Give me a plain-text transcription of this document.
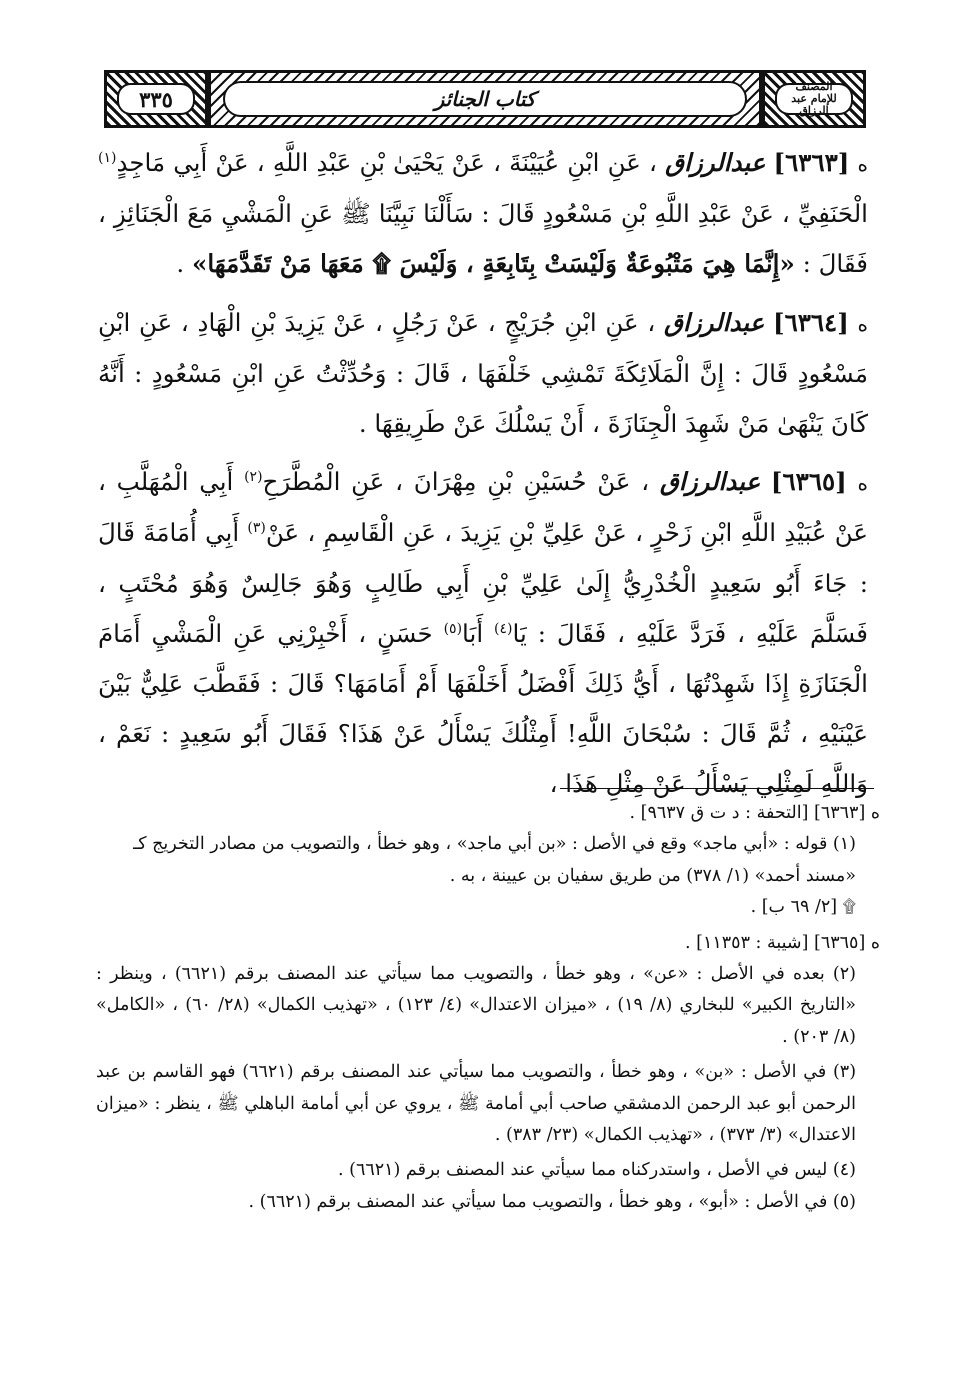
٣٣٥	كتاب الجنائز
المصنف للإمام عبد الرزاق

ه [٦٣٦٣] عبدالرزاق ، عَنِ ابْنِ عُيَيْنَةَ ، عَنْ يَحْيَىٰ بْنِ عَبْدِ اللَّهِ ، عَنْ أَبِي مَاجِدٍ$^{(١)}$ الْحَنَفِيِّ ، عَنْ عَبْدِ اللَّهِ بْنِ مَسْعُودٍ قَالَ : سَأَلْنَا نَبِيَّنَا ﷺ عَنِ الْمَشْيِ مَعَ الْجَنَائِزِ ، فَقَالَ : «إِنَّمَا هِيَ مَتْبُوعَةٌ وَلَيْسَتْ بِتَابِعَةٍ ، وَلَيْسَ ۩ مَعَهَا مَنْ تَقَدَّمَهَا» .

ه [٦٣٦٤] عبدالرزاق ، عَنِ ابْنِ جُرَيْجٍ ، عَنْ رَجُلٍ ، عَنْ يَزِيدَ بْنِ الْهَادِ ، عَنِ ابْنِ مَسْعُودٍ قَالَ : إِنَّ الْمَلَائِكَةَ تَمْشِي خَلْفَهَا ، قَالَ : وَحُدِّثْتُ عَنِ ابْنِ مَسْعُودٍ : أَنَّهُ كَانَ يَنْهَىٰ مَنْ شَهِدَ الْجِنَازَةَ ، أَنْ يَسْلُكَ عَنْ طَرِيقِهَا .

ه [٦٣٦٥] عبدالرزاق ، عَنْ حُسَيْنِ بْنِ مِهْرَانَ ، عَنِ الْمُطَّرَحِ$^{(٢)}$ أَبِي الْمُهَلَّبِ ، عَنْ عُبَيْدِ اللَّهِ ابْنِ زَحْرٍ ، عَنْ عَلِيِّ بْنِ يَزِيدَ ، عَنِ الْقَاسِمِ ، عَنْ$^{(٣)}$ أَبِي أُمَامَةَ قَالَ : جَاءَ أَبُو سَعِيدٍ الْخُدْرِيُّ إِلَىٰ عَلِيِّ بْنِ أَبِي طَالِبٍ وَهُوَ جَالِسٌ وَهُوَ مُحْتَبٍ ، فَسَلَّمَ عَلَيْهِ ، فَرَدَّ عَلَيْهِ ، فَقَالَ : يَا$^{(٤)}$ أَبَا$^{(٥)}$ حَسَنٍ ، أَخْبِرْنِي عَنِ الْمَشْيِ أَمَامَ الْجَنَازَةِ إِذَا شَهِدْتُهَا ، أَيُّ ذَلِكَ أَفْضَلُ أَخَلْفَهَا أَمْ أَمَامَهَا؟ قَالَ : فَقَطَّبَ عَلِيٌّ بَيْنَ عَيْنَيْهِ ، ثُمَّ قَالَ : سُبْحَانَ اللَّهِ! أَمِثْلُكَ يَسْأَلُ عَنْ هَذَا؟ فَقَالَ أَبُو سَعِيدٍ : نَعَمْ ، وَاللَّهِ لَمِثْلِي يَسْأَلُ عَنْ مِثْلِ هَذَا ،

ه [٦٣٦٣] [التحفة : د ت ق ٩٦٣٧] .

(١) قوله : «أبي ماجد» وقع في الأصل : «بن أبي ماجد» ، وهو خطأ ، والتصويب من مصادر التخريج كـ

«مسند أحمد» (١/ ٣٧٨) من طريق سفيان بن عيينة ، به .

۩ [٢/ ٦٩ ب] .

ه [٦٣٦٥] [شيبة : ١١٣٥٣] .

(٢) بعده في الأصل : «عن» ، وهو خطأ ، والتصويب مما سيأتي عند المصنف برقم (٦٦٢١) ، وينظر : «التاريخ الكبير» للبخاري (٨/ ١٩) ، «ميزان الاعتدال» (٤/ ١٢٣) ، «تهذيب الكمال» (٢٨/ ٦٠) ، «الكامل» (٨/ ٢٠٣) .

(٣) في الأصل : «بن» ، وهو خطأ ، والتصويب مما سيأتي عند المصنف برقم (٦٦٢١) فهو القاسم بن عبد الرحمن أبو عبد الرحمن الدمشقي صاحب أبي أمامة ﷺ ، يروي عن أبي أمامة الباهلي ﷺ ، ينظر : «ميزان الاعتدال» (٣/ ٣٧٣) ، «تهذيب الكمال» (٢٣/ ٣٨٣) .

(٤) ليس في الأصل ، واستدركناه مما سيأتي عند المصنف برقم (٦٦٢١) .

(٥) في الأصل : «أبو» ، وهو خطأ ، والتصويب مما سيأتي عند المصنف برقم (٦٦٢١) .
